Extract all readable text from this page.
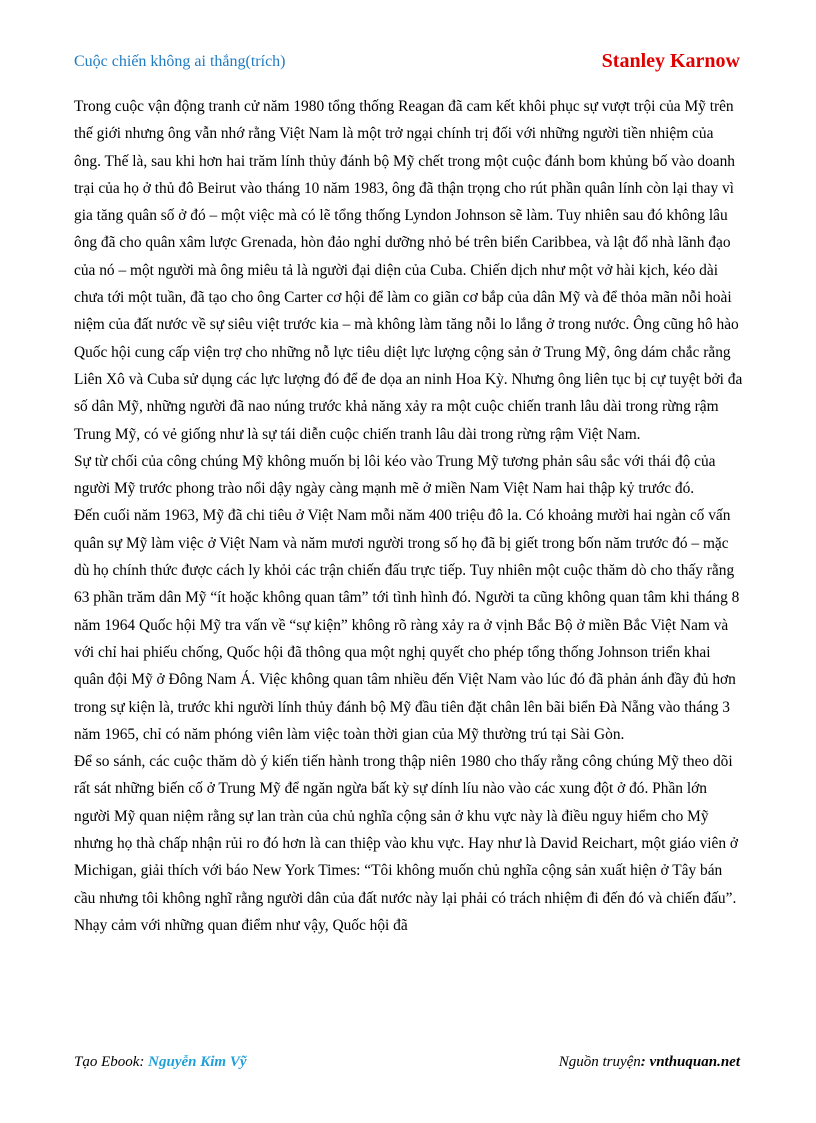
Cuộc chiến không ai thắng(trích)	Stanley Karnow

Trong cuộc vận động tranh cử năm 1980 tổng thống Reagan đã cam kết khôi phục sự vượt trội của Mỹ trên thế giới nhưng ông vẫn nhớ rằng Việt Nam là một trở ngại chính trị đối với những người tiền nhiệm của ông. Thế là, sau khi hơn hai trăm lính thủy đánh bộ Mỹ chết trong một cuộc đánh bom khủng bố vào doanh trại của họ ở thủ đô Beirut vào tháng 10 năm 1983, ông đã thận trọng cho rút phần quân lính còn lại thay vì gia tăng quân số ở đó – một việc mà có lẽ tổng thống Lyndon Johnson sẽ làm. Tuy nhiên sau đó không lâu ông đã cho quân xâm lược Grenada, hòn đảo nghỉ dưỡng nhỏ bé trên biển Caribbea, và lật đổ nhà lãnh đạo của nó – một người mà ông miêu tả là người đại diện của Cuba. Chiến dịch như một vở hài kịch, kéo dài chưa tới một tuần, đã tạo cho ông Carter cơ hội để làm co giãn cơ bắp của dân Mỹ và để thỏa mãn nỗi hoài niệm của đất nước về sự siêu việt trước kia – mà không làm tăng nỗi lo lắng ở trong nước. Ông cũng hô hào Quốc hội cung cấp viện trợ cho những nỗ lực tiêu diệt lực lượng cộng sản ở Trung Mỹ, ông dám chắc rằng Liên Xô và Cuba sử dụng các lực lượng đó để đe dọa an ninh Hoa Kỳ. Nhưng ông liên tục bị cự tuyệt bởi đa số dân Mỹ, những người đã nao núng trước khả năng xảy ra một cuộc chiến tranh lâu dài trong rừng rậm Trung Mỹ, có vẻ giống như là sự tái diễn cuộc chiến tranh lâu dài trong rừng rậm Việt Nam.

Sự từ chối của công chúng Mỹ không muốn bị lôi kéo vào Trung Mỹ tương phản sâu sắc với thái độ của người Mỹ trước phong trào nổi dậy ngày càng mạnh mẽ ở miền Nam Việt Nam hai thập kỷ trước đó.

Đến cuối năm 1963, Mỹ đã chi tiêu ở Việt Nam mỗi năm 400 triệu đô la. Có khoảng mười hai ngàn cố vấn quân sự Mỹ làm việc ở Việt Nam và năm mươi người trong số họ đã bị giết trong bốn năm trước đó – mặc dù họ chính thức được cách ly khỏi các trận chiến đấu trực tiếp. Tuy nhiên một cuộc thăm dò cho thấy rằng 63 phần trăm dân Mỹ “ít hoặc không quan tâm” tới tình hình đó. Người ta cũng không quan tâm khi tháng 8 năm 1964 Quốc hội Mỹ tra vấn về “sự kiện” không rõ ràng xảy ra ở vịnh Bắc Bộ ở miền Bắc Việt Nam và với chỉ hai phiếu chống, Quốc hội đã thông qua một nghị quyết cho phép tổng thống Johnson triển khai quân đội Mỹ ở Đông Nam Á. Việc không quan tâm nhiều đến Việt Nam vào lúc đó đã phản ánh đầy đủ hơn trong sự kiện là, trước khi người lính thủy đánh bộ Mỹ đầu tiên đặt chân lên bãi biển Đà Nẵng vào tháng 3 năm 1965, chỉ có năm phóng viên làm việc toàn thời gian của Mỹ thường trú tại Sài Gòn.

Để so sánh, các cuộc thăm dò ý kiến tiến hành trong thập niên 1980 cho thấy rằng công chúng Mỹ theo dõi rất sát những biến cố ở Trung Mỹ để ngăn ngừa bất kỳ sự dính líu nào vào các xung đột ở đó. Phần lớn người Mỹ quan niệm rằng sự lan tràn của chủ nghĩa cộng sản ở khu vực này là điều nguy hiểm cho Mỹ nhưng họ thà chấp nhận rủi ro đó hơn là can thiệp vào khu vực. Hay như là David Reichart, một giáo viên ở Michigan, giải thích với báo New York Times: “Tôi không muốn chủ nghĩa cộng sản xuất hiện ở Tây bán cầu nhưng tôi không nghĩ rằng người dân của đất nước này lại phải có trách nhiệm đi đến đó và chiến đấu”. Nhạy cảm với những quan điểm như vậy, Quốc hội đã

Tạo Ebook: Nguyễn Kim Vỹ	Nguồn truyện: vnthuquan.net
